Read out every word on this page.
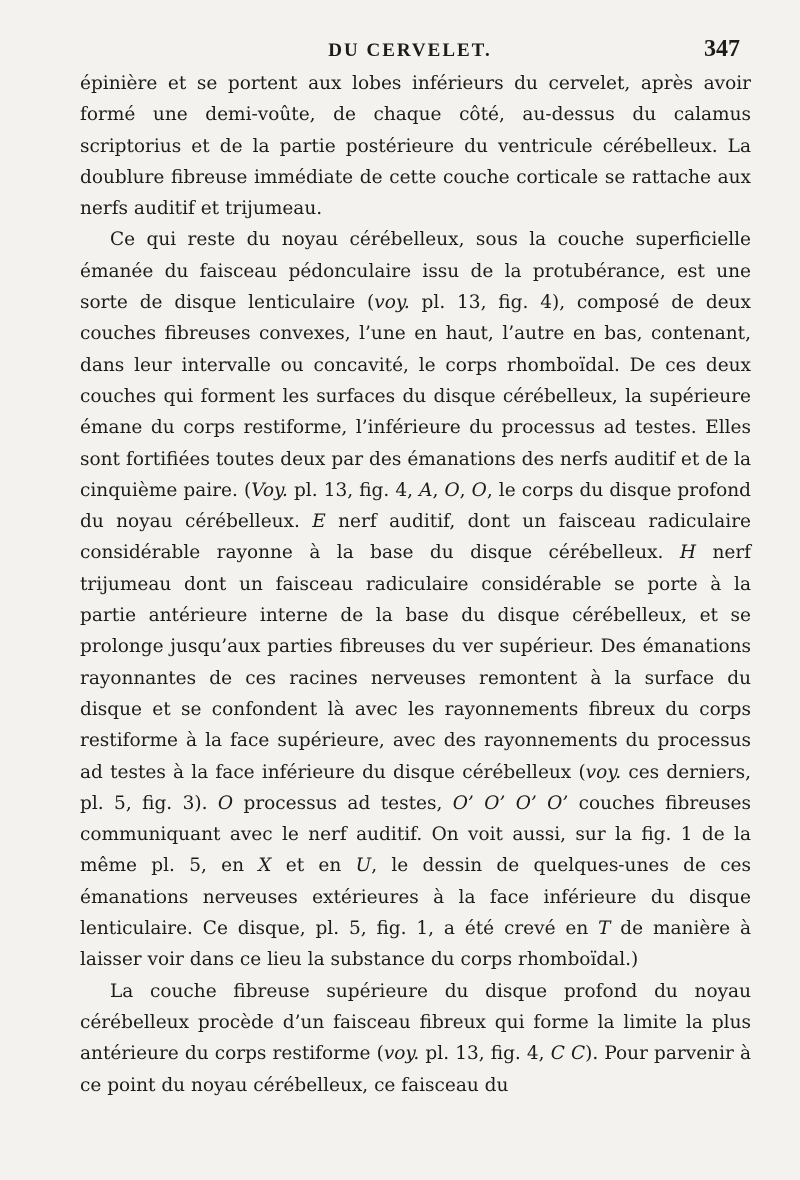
DU CERVELET.	347

épinière et se portent aux lobes inférieurs du cervelet, après avoir formé une demi-voûte, de chaque côté, au-dessus du calamus scriptorius et de la partie postérieure du ventricule cérébelleux. La doublure fibreuse immédiate de cette couche corticale se rattache aux nerfs auditif et trijumeau.

Ce qui reste du noyau cérébelleux, sous la couche superficielle émanée du faisceau pédonculaire issu de la protubérance, est une sorte de disque lenticulaire (voy. pl. 13, fig. 4), composé de deux couches fibreuses convexes, l’une en haut, l’autre en bas, contenant, dans leur intervalle ou concavité, le corps rhomboïdal. De ces deux couches qui forment les surfaces du disque cérébelleux, la supérieure émane du corps restiforme, l’inférieure du processus ad testes. Elles sont fortifiées toutes deux par des émanations des nerfs auditif et de la cinquième paire. (Voy. pl. 13, fig. 4, A, O, O, le corps du disque profond du noyau cérébelleux. E nerf auditif, dont un faisceau radiculaire considérable rayonne à la base du disque cérébelleux. H nerf trijumeau dont un faisceau radiculaire considérable se porte à la partie antérieure interne de la base du disque cérébelleux, et se prolonge jusqu’aux parties fibreuses du ver supérieur. Des émanations rayonnantes de ces racines nerveuses remontent à la surface du disque et se confondent là avec les rayonnements fibreux du corps restiforme à la face supérieure, avec des rayonnements du processus ad testes à la face inférieure du disque cérébelleux (voy. ces derniers, pl. 5, fig. 3). O processus ad testes, O’ O’ O’ O’ couches fibreuses communiquant avec le nerf auditif. On voit aussi, sur la fig. 1 de la même pl. 5, en X et en U, le dessin de quelques-unes de ces émanations nerveuses extérieures à la face inférieure du disque lenticulaire. Ce disque, pl. 5, fig. 1, a été crevé en T de manière à laisser voir dans ce lieu la substance du corps rhomboïdal.)

La couche fibreuse supérieure du disque profond du noyau cérébelleux procède d’un faisceau fibreux qui forme la limite la plus antérieure du corps restiforme (voy. pl. 13, fig. 4, C C). Pour parvenir à ce point du noyau cérébelleux, ce faisceau du
